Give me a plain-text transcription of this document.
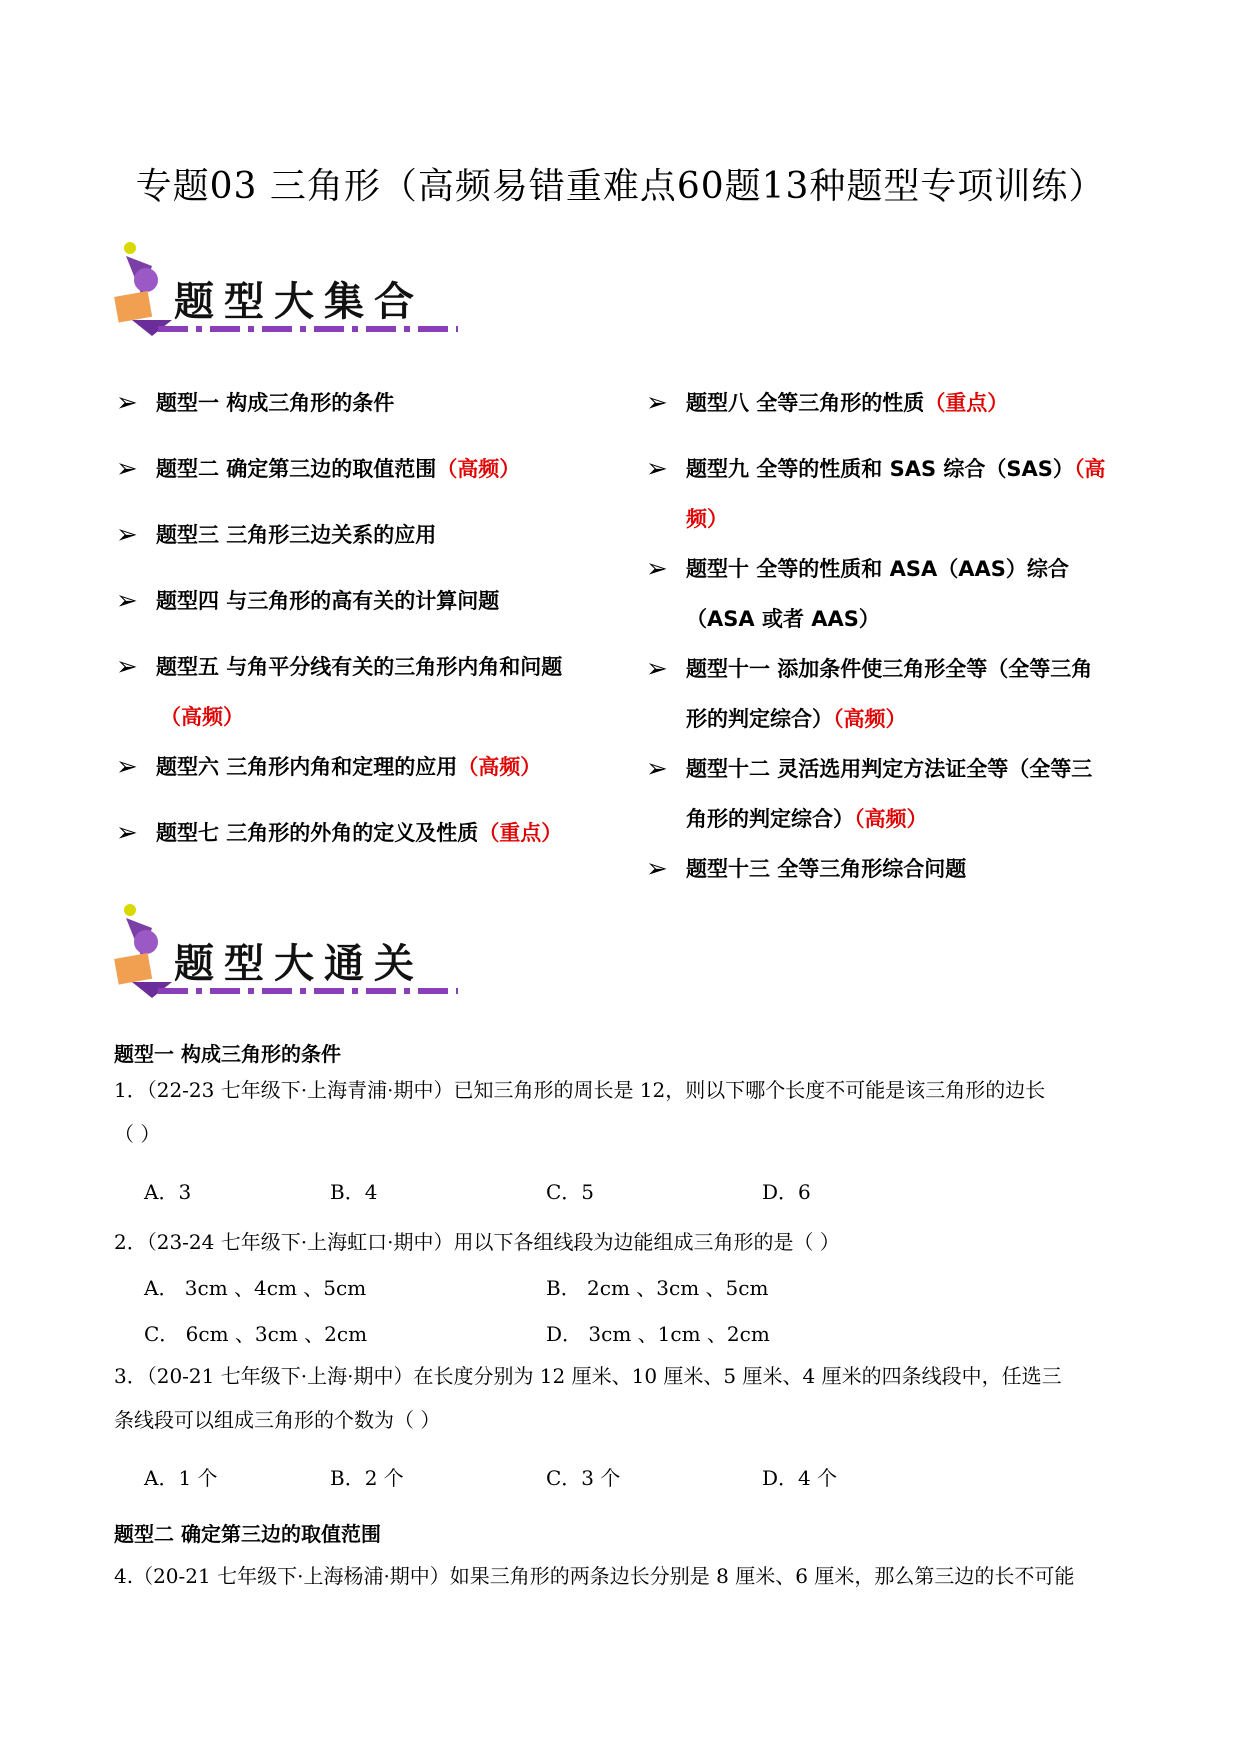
专题03 三角形（高频易错重难点60题13种题型专项训练）
题型大集合
➢ 题型一 构成三角形的条件
➢ 题型二 确定第三边的取值范围（高频）
➢ 题型三 三角形三边关系的应用
➢ 题型四 与三角形的高有关的计算问题
➢ 题型五 与角平分线有关的三角形内角和问题
（高频）
➢ 题型六 三角形内角和定理的应用（高频）
➢ 题型七 三角形的外角的定义及性质（重点）
➢ 题型八 全等三角形的性质（重点）
➢ 题型九 全等的性质和 SAS 综合（SAS）（高
频）
➢ 题型十 全等的性质和 ASA（AAS）综合
（ASA 或者 AAS）
➢ 题型十一 添加条件使三角形全等（全等三角
形的判定综合）（高频）
➢ 题型十二 灵活选用判定方法证全等（全等三
角形的判定综合）（高频）
➢ 题型十三 全等三角形综合问题
题型大通关
题型一 构成三角形的条件
1．（22-23 七年级下·上海青浦·期中）已知三角形的周长是 12，则以下哪个长度不可能是该三角形的边长
（ ）
A．3	B．4	C．5	D．6
2．（23-24 七年级下·上海虹口·期中）用以下各组线段为边能组成三角形的是（ ）
A． 3cm 、4cm 、5cm	B． 2cm 、3cm 、5cm
C． 6cm 、3cm 、2cm	D． 3cm 、1cm 、2cm
3．（20-21 七年级下·上海·期中）在长度分别为 12 厘米、10 厘米、5 厘米、4 厘米的四条线段中，任选三
条线段可以组成三角形的个数为（ ）
A．1 个	B．2 个	C．3 个	D．4 个
题型二 确定第三边的取值范围
4.（20-21 七年级下·上海杨浦·期中）如果三角形的两条边长分别是 8 厘米、6 厘米，那么第三边的长不可能
